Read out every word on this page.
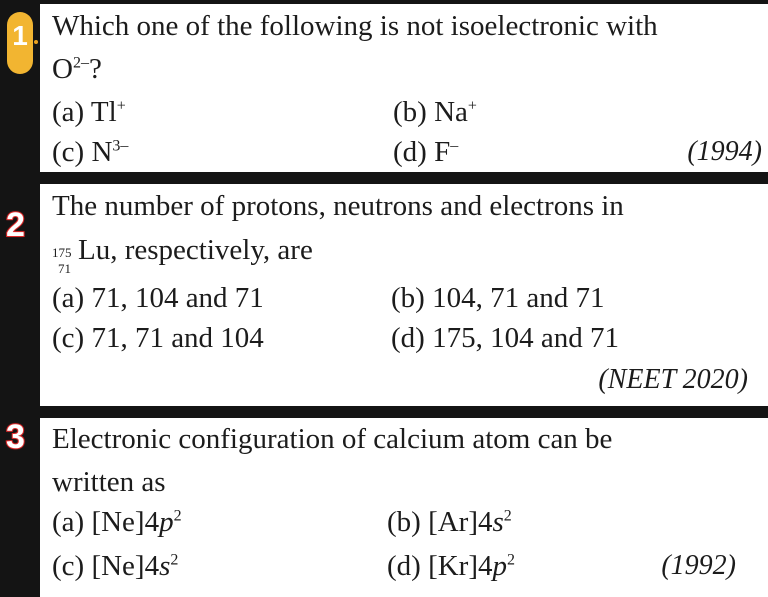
1 Which one of the following is not isoelectronic with
$O^{2-}$?
(a) Tl+	(b) Na+
(c) $N^{3-}$	(d) F–	(1994)
2 The number of protons, neutrons and electrons in
175
71
Lu, respectively, are
(a) 71, 104 and 71	(b) 104, 71 and 71
(c) 71, 71 and 104	(d) 175, 104 and 71
(NEET 2020)
3 Electronic configuration of calcium atom can be
written as
(a) $[Ne]4p^2$	(b) $[Ar]4s^2$
(c) $[Ne]4s^2$	(d) $[Kr]4p^2$	(1992)
